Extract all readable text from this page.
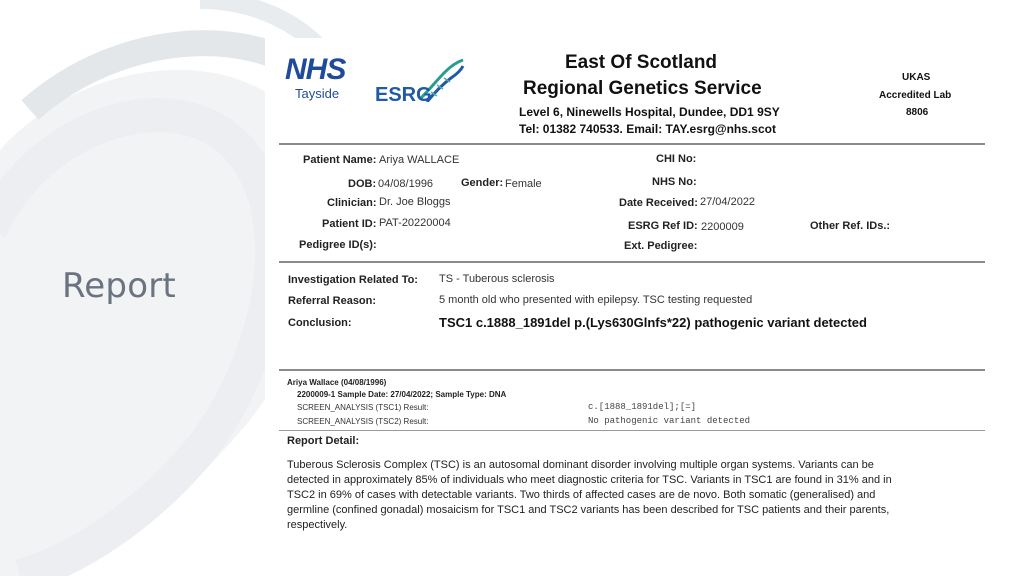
Report
NHS
Tayside	ESRG
East Of Scotland
Regional Genetics Service
Level 6, Ninewells Hospital, Dundee, DD1 9SY
Tel: 01382 740533. Email: TAY.esrg@nhs.scot
UKAS
Accredited Lab
8806
Patient Name: Ariya WALLACE
DOB: 04/08/1996	Gender: Female
Clinician: Dr. Joe Bloggs
Patient ID: PAT-20220004
Pedigree ID(s):
CHI No:
NHS No:
Date Received: 27/04/2022
ESRG Ref ID: 2200009
Ext. Pedigree:
Other Ref. IDs.:
Investigation Related To: TS - Tuberous sclerosis
Referral Reason:	5 month old who presented with epilepsy. TSC testing requested
Conclusion:	TSC1 c.1888_1891del p.(Lys630Glnfs*22) pathogenic variant detected
Ariya Wallace (04/08/1996)
2200009-1 Sample Date: 27/04/2022; Sample Type: DNA
SCREEN_ANALYSIS (TSC1) Result:	c.[1888_1891del];[=]
SCREEN_ANALYSIS (TSC2) Result:	No pathogenic variant detected
Report Detail:
Tuberous Sclerosis Complex (TSC) is an autosomal dominant disorder involving multiple organ systems. Variants can be detected in approximately 85% of individuals who meet diagnostic criteria for TSC. Variants in TSC1 are found in 31% and in TSC2 in 69% of cases with detectable variants. Two thirds of affected cases are de novo. Both somatic (generalised) and germline (confined gonadal) mosaicism for TSC1 and TSC2 variants has been described for TSC patients and their parents, respectively.
